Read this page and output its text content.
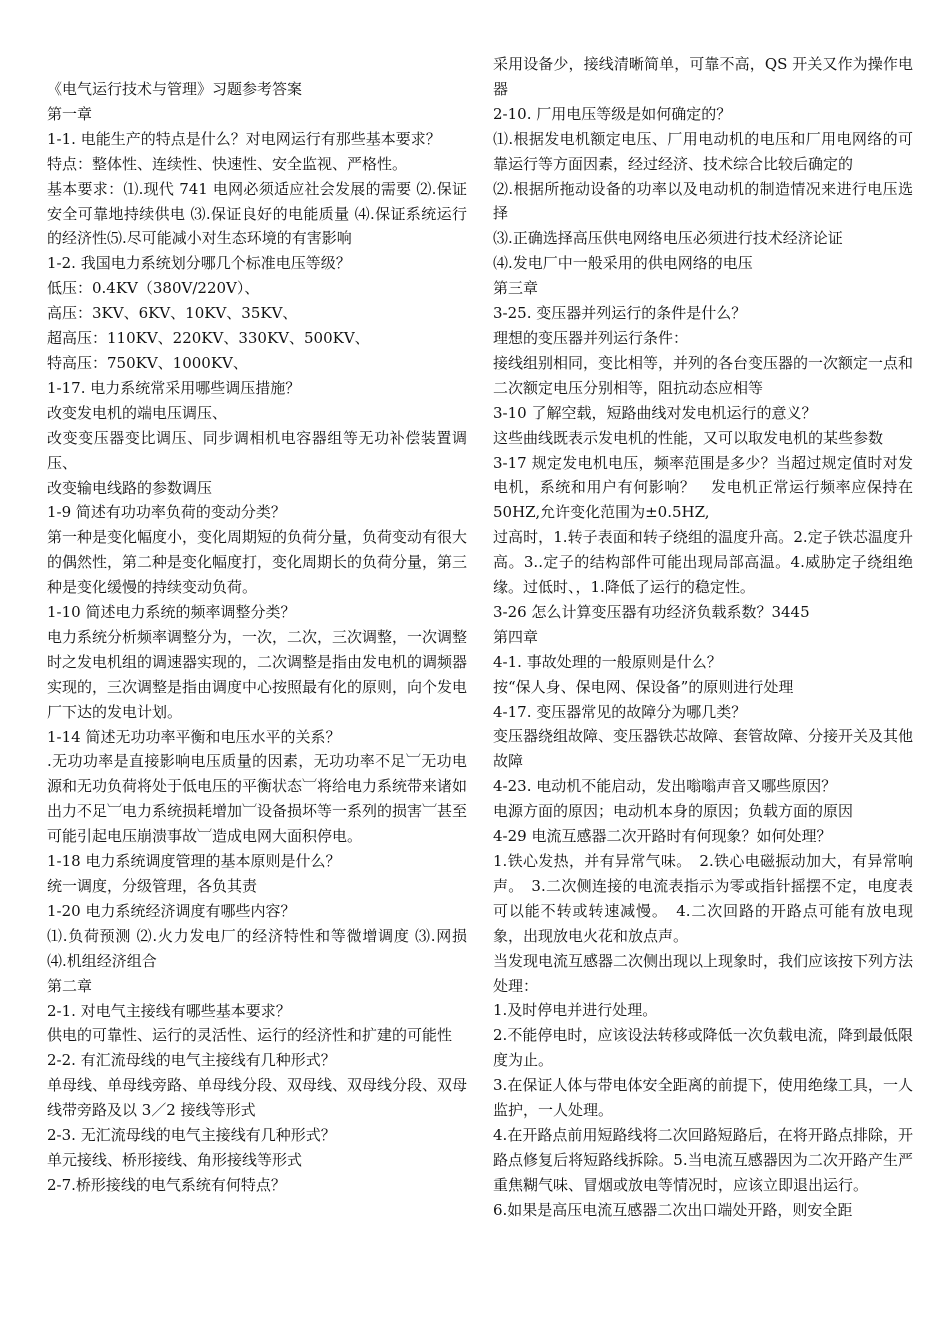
《电气运行技术与管理》习题参考答案

第一章

1-1. 电能生产的特点是什么？对电网运行有那些基本要求？

特点：整体性、连续性、快速性、安全监视、严格性。

基本要求：⑴.现代 741 电网必须适应社会发展的需要 ⑵.保证安全可靠地持续供电 ⑶.保证良好的电能质量 ⑷.保证系统运行的经济性⑸.尽可能减小对生态环境的有害影响

1-2. 我国电力系统划分哪几个标准电压等级？

低压：0.4KV（380V/220V）、

高压：3KV、6KV、10KV、35KV、

超高压：110KV、220KV、330KV、500KV、

特高压：750KV、1000KV、

1-17. 电力系统常采用哪些调压措施？

改变发电机的端电压调压、

改变变压器变比调压、同步调相机电容器组等无功补偿装置调压、

改变输电线路的参数调压

1-9 简述有功功率负荷的变动分类？

第一种是变化幅度小，变化周期短的负荷分量，负荷变动有很大的偶然性，第二种是变化幅度打，变化周期长的负荷分量，第三种是变化缓慢的持续变动负荷。

1-10 简述电力系统的频率调整分类？

电力系统分析频率调整分为，一次，二次，三次调整，一次调整时之发电机组的调速器实现的，二次调整是指由发电机的调频器实现的，三次调整是指由调度中心按照最有化的原则，向个发电厂下达的发电计划。

1-14 简述无功功率平衡和电压水平的关系？

.无功功率是直接影响电压质量的因素，无功功率不足︺无功电源和无功负荷将处于低电压的平衡状态︺将给电力系统带来诸如出力不足︺电力系统损耗增加︺设备损坏等一系列的损害︺甚至可能引起电压崩溃事故︺造成电网大面积停电。

1-18 电力系统调度管理的基本原则是什么？

统一调度，分级管理，各负其责

1-20 电力系统经济调度有哪些内容？

⑴.负荷预测 ⑵.火力发电厂的经济特性和等微增调度 ⑶.网损 ⑷.机组经济组合

第二章

2-1. 对电气主接线有哪些基本要求？

供电的可靠性、运行的灵活性、运行的经济性和扩建的可能性

2-2. 有汇流母线的电气主接线有几种形式？

单母线、单母线旁路、单母线分段、双母线、双母线分段、双母线带旁路及以 3／2 接线等形式

2-3. 无汇流母线的电气主接线有几种形式？

单元接线、桥形接线、角形接线等形式

2-7.桥形接线的电气系统有何特点？

采用设备少，接线清晰简单，可靠不高，QS 开关又作为操作电器

2-10. 厂用电压等级是如何确定的？

⑴.根据发电机额定电压、厂用电动机的电压和厂用电网络的可靠运行等方面因素，经过经济、技术综合比较后确定的

⑵.根据所拖动设备的功率以及电动机的制造情况来进行电压选择

⑶.正确选择高压供电网络电压必须进行技术经济论证

⑷.发电厂中一般采用的供电网络的电压

第三章

3-25. 变压器并列运行的条件是什么？

理想的变压器并列运行条件：

接线组别相同，变比相等，并列的各台变压器的一次额定一点和二次额定电压分别相等，阻抗动态应相等

3-10 了解空载，短路曲线对发电机运行的意义？

这些曲线既表示发电机的性能，又可以取发电机的某些参数

3-17 规定发电机电压，频率范围是多少？当超过规定值时对发电机，系统和用户有何影响？　发电机正常运行频率应保持在 50HZ,允许变化范围为±0.5HZ,

过高时，1.转子表面和转子绕组的温度升高。2.定子铁芯温度升高。3..定子的结构部件可能出现局部高温。4.威胁定子绕组绝缘。过低时、，1.降低了运行的稳定性。

3-26 怎么计算变压器有功经济负载系数？3445

第四章

4-1. 事故处理的一般原则是什么？

按“保人身、保电网、保设备”的原则进行处理

4-17. 变压器常见的故障分为哪几类？

变压器绕组故障、变压器铁芯故障、套管故障、分接开关及其他故障

4-23. 电动机不能启动，发出嗡嗡声音又哪些原因？

电源方面的原因；电动机本身的原因；负载方面的原因

4-29 电流互感器二次开路时有何现象？如何处理？

1.铁心发热，并有异常气味。　2.铁心电磁振动加大，有异常响声。　3.二次侧连接的电流表指示为零或指针摇摆不定，电度表可以能不转或转速减慢。　4.二次回路的开路点可能有放电现象，出现放电火花和放点声。

当发现电流互感器二次侧出现以上现象时，我们应该按下列方法处理：

1.及时停电并进行处理。

2.不能停电时，应该设法转移或降低一次负载电流，降到最低限度为止。

3.在保证人体与带电体安全距离的前提下，使用绝缘工具，一人监护，一人处理。

4.在开路点前用短路线将二次回路短路后，在将开路点排除，开路点修复后将短路线拆除。5.当电流互感器因为二次开路产生严重焦糊气味、冒烟或放电等情况时，应该立即退出运行。

6.如果是高压电流互感器二次出口端处开路，则安全距
